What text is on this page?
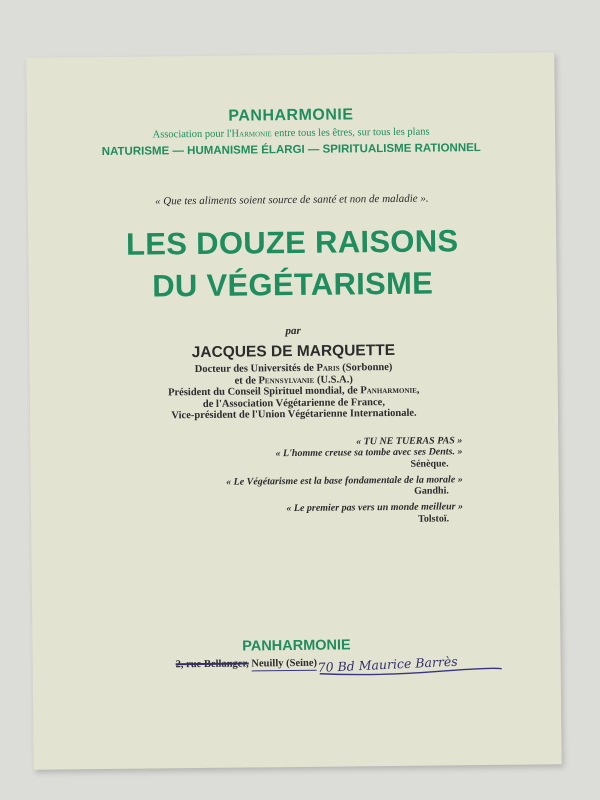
PANHARMONIE
Association pour l'Harmonie entre tous les êtres, sur tous les plans
NATURISME — HUMANISME ÉLARGI — SPIRITUALISME RATIONNEL
« Que tes aliments soient source de santé et non de maladie ».
LES DOUZE RAISONS
DU VÉGÉTARISME
par
JACQUES DE MARQUETTE
Docteur des Universités de Paris (Sorbonne)
et de Pennsylvanie (U.S.A.)
Président du Conseil Spirituel mondial, de Panharmonie,
de l'Association Végétarienne de France,
Vice-président de l'Union Végétarienne Internationale.
« TU NE TUERAS PAS »
« L'homme creuse sa tombe avec ses Dents. »
Sénèque.
« Le Végétarisme est la base fondamentale de la morale »
Gandhi.
« Le premier pas vers un monde meilleur »
Tolstoï.
PANHARMONIE
2, rue Bellanger, Neuilly (Seine) 70 Bd Maurice Barrès
